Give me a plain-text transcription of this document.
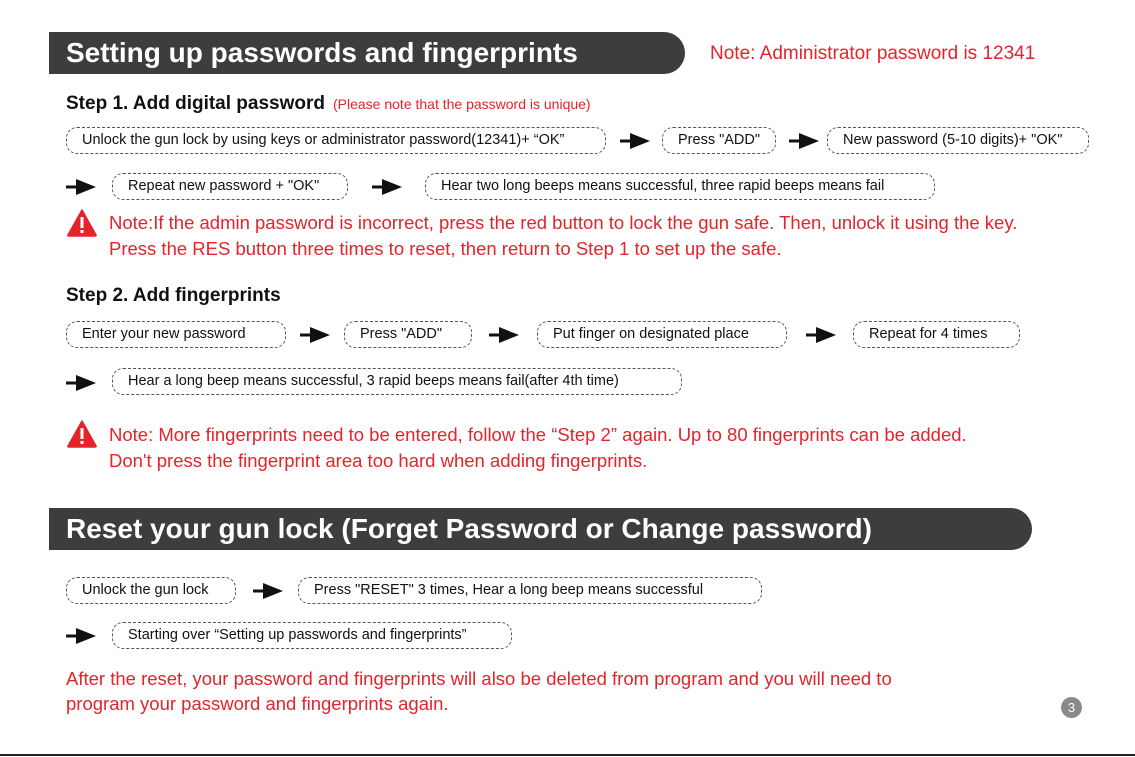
Setting up passwords and fingerprints	Note: Administrator password is 12341
Step 1. Add digital password (Please note that the password is unique)
Unlock the gun lock by using keys or administrator password(12341)+ “OK”	Press "ADD"	New password (5-10 digits)+ "OK"
Repeat new password + "OK"	Hear two long beeps means successful, three rapid beeps means fail
Note:If the admin password is incorrect, press the red button to lock the gun safe. Then, unlock it using the key.
Press the RES button three times to reset, then return to Step 1 to set up the safe.
Step 2. Add fingerprints
Enter your new password	Press "ADD"	Put finger on designated place	Repeat for 4 times
Hear a long beep means successful, 3 rapid beeps means fail(after 4th time)
Note: More fingerprints need to be entered, follow the “Step 2” again. Up to 80 fingerprints can be added.
Don't press the fingerprint area too hard when adding fingerprints.
Reset your gun lock (Forget Password or Change password)
Unlock the gun lock	Press "RESET" 3 times, Hear a long beep means successful
Starting over “Setting up passwords and fingerprints”
After the reset, your password and fingerprints will also be deleted from program and you will need to
program your password and fingerprints again.	3
